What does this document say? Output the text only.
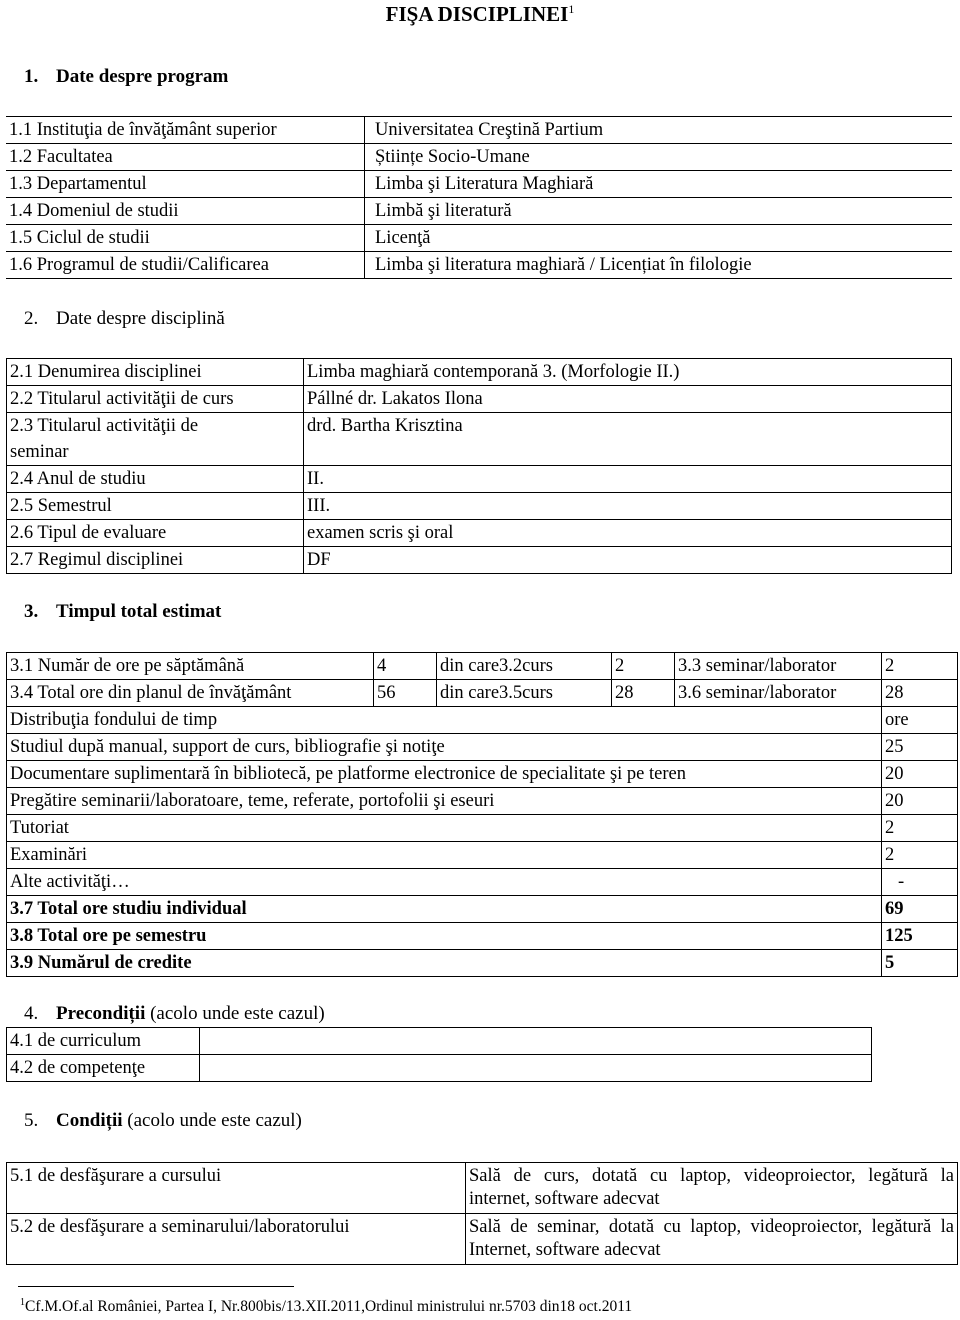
FIŞA DISCIPLINEI$^1$
1. Date despre program
1.1 Instituţia de învăţământ superior	Universitatea Creştină Partium
1.2 Facultatea	Științe Socio-Umane
1.3 Departamentul	Limba şi Literatura Maghiară
1.4 Domeniul de studii	Limbă şi literatură
1.5 Ciclul de studii	Licenţă
1.6 Programul de studii/Calificarea	Limba şi literatura maghiară / Licențiat în filologie
2. Date despre disciplină
2.1 Denumirea disciplinei	Limba maghiară contemporană 3. (Morfologie II.)
2.2 Titularul activităţii de curs	Pállné dr. Lakatos Ilona
2.3 Titularul activităţii de seminar	drd. Bartha Krisztina
2.4 Anul de studiu	II.
2.5 Semestrul	III.
2.6 Tipul de evaluare	examen scris şi oral
2.7 Regimul disciplinei	DF
3. Timpul total estimat
3.1 Număr de ore pe săptămână	4	din care3.2curs	2	3.3 seminar/laborator	2
3.4 Total ore din planul de învăţământ	56	din care3.5curs	28	3.6 seminar/laborator	28
Distribuţia fondului de timp					ore
Studiul după manual, support de curs, bibliografie şi notiţe					25
Documentare suplimentară în bibliotecă, pe platforme electronice de specialitate şi pe teren					20
Pregătire seminarii/laboratoare, teme, referate, portofolii şi eseuri					20
Tutoriat					2
Examinări					2
Alte activităţi…					-
3.7 Total ore studiu individual					69
3.8 Total ore pe semestru					125
3.9 Numărul de credite					5
4. Precondiții (acolo unde este cazul)
4.1 de curriculum	
4.2 de competenţe	
5. Condiții (acolo unde este cazul)
5.1 de desfăşurare a cursului	Sală de curs, dotată cu laptop, videoproiector, legătură la internet, software adecvat
5.2 de desfăşurare a seminarului/laboratorului	Sală de seminar, dotată cu laptop, videoproiector, legătură la Internet, software adecvat
$^1$Cf.M.Of.al României, Partea I, Nr.800bis/13.XII.2011,Ordinul ministrului nr.5703 din18 oct.2011
